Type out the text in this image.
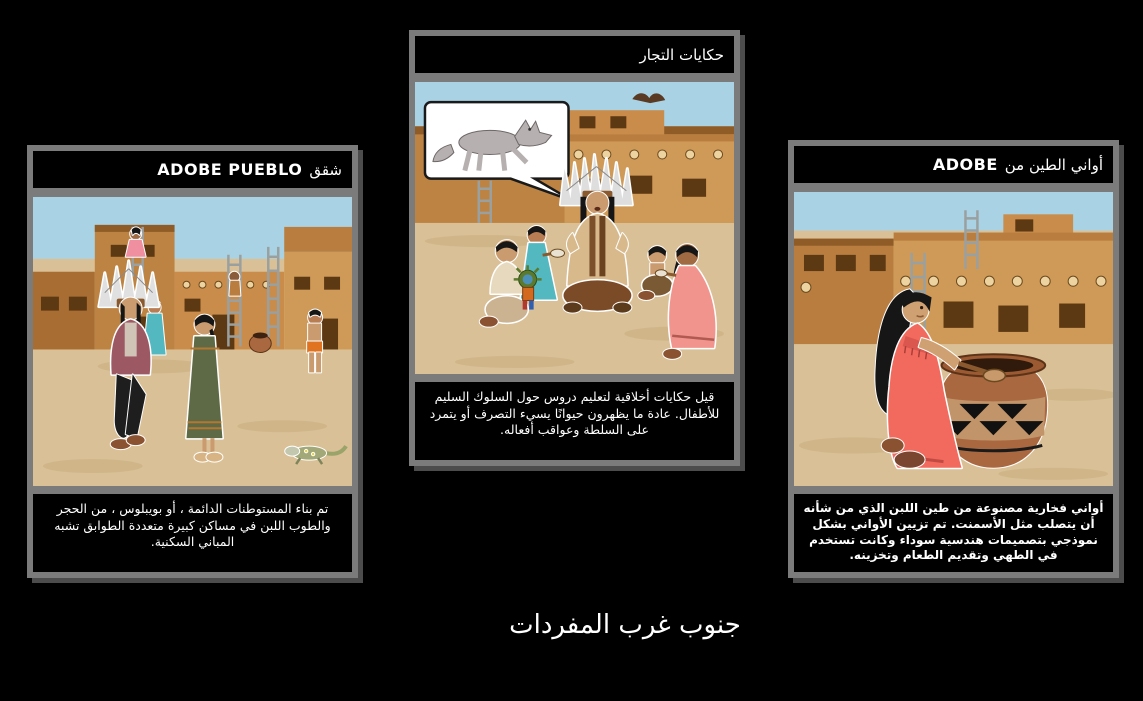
شقق
ADOBE PUEBLO
تم بناء المستوطنات الدائمة ، أو بويبلوس ، من الحجر والطوب اللبن في مساكن كبيرة متعددة الطوابق تشبه المباني السكنية.
حكايات التجار
قيل حكايات أخلاقية لتعليم دروس حول السلوك السليم للأطفال. عادة ما يظهرون حيوانًا يسيء التصرف أو يتمرد على السلطة وعواقب أفعاله.
أواني الطين من
ADOBE
أواني فخارية مصنوعة من طين اللبن الذي من شأنه أن يتصلب مثل الأسمنت. تم تزيين الأواني بشكل نموذجي بتصميمات هندسية سوداء وكانت تستخدم في الطهي وتقديم الطعام وتخزينه.
جنوب غرب المفردات
